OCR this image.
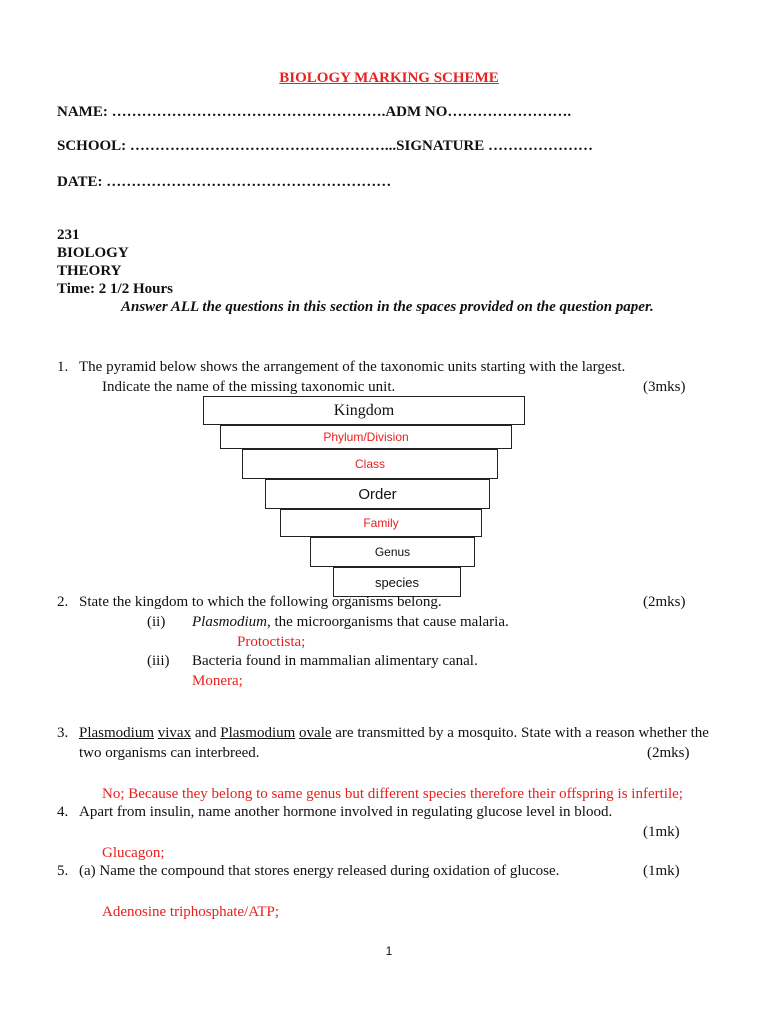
BIOLOGY MARKING SCHEME
NAME: ……………………………………………….ADM NO…………………….
SCHOOL: ……………………………………………...SIGNATURE …………………
DATE: …………………………………………………
231
BIOLOGY
THEORY
Time: 2 1/2 Hours
Answer ALL the questions in this section in the spaces provided on the question paper.
1. The pyramid below shows the arrangement of the taxonomic units starting with the largest.
Indicate the name of the missing taxonomic unit.	(3mks)
Kingdom
Phylum/Division
Class
Order
Family
Genus
species
2. State the kingdom to which the following organisms belong.	(2mks)
(ii) Plasmodium, the microorganisms that cause malaria.
Protoctista;
(iii) Bacteria found in mammalian alimentary canal.
Monera;
3. Plasmodium vivax and Plasmodium ovale are transmitted by a mosquito. State with a reason whether the
two organisms can interbreed.	(2mks)
No; Because they belong to same genus but different species therefore their offspring is infertile;
4. Apart from insulin, name another hormone involved in regulating glucose level in blood.
(1mk)
Glucagon;
5. (a) Name the compound that stores energy released during oxidation of glucose.	(1mk)
Adenosine triphosphate/ATP;
1
